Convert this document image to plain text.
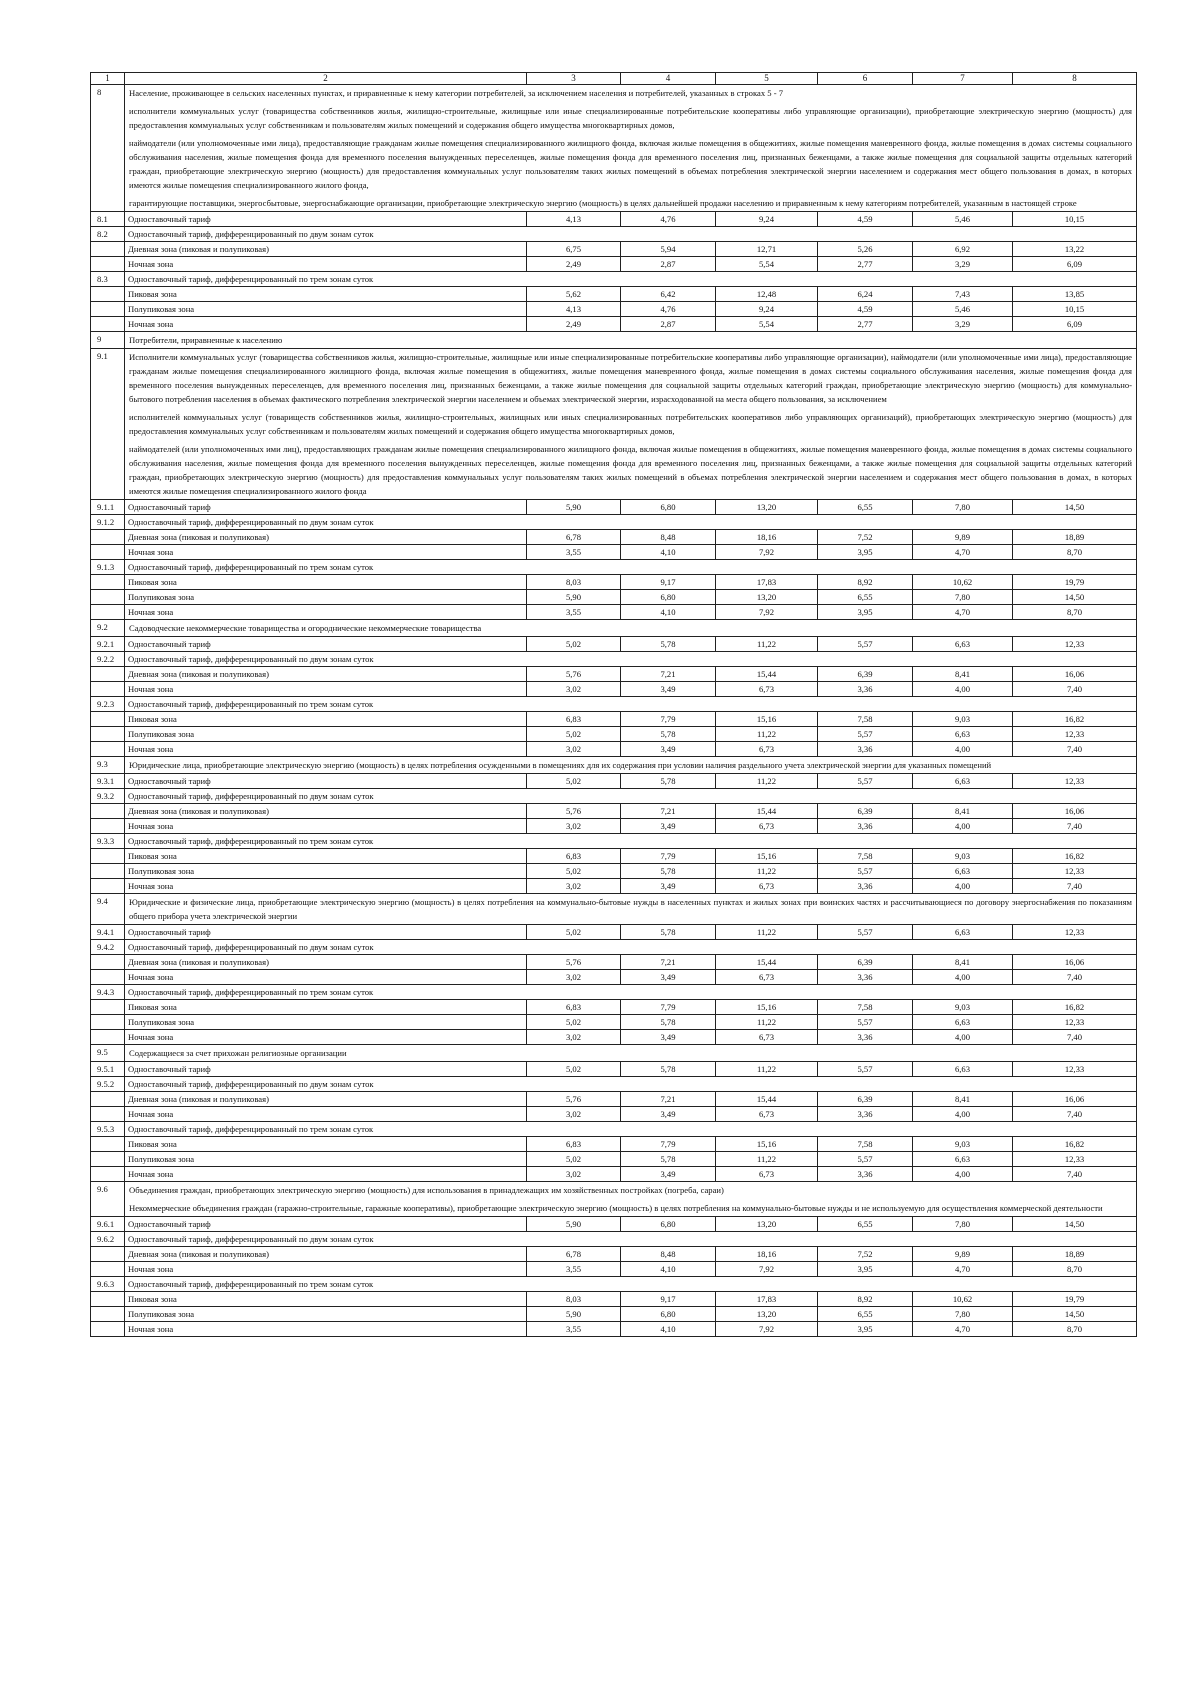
1	2	3	4	5	6	7	8
8	Население, проживающее в сельских населенных пунктах, и приравненные к нему категории потребителей, за исключением населения и потребителей, указанных в строках 5 - 7
исполнители коммунальных услуг (товарищества собственников жилья, жилищно-строительные, жилищные или иные специализированные потребительские кооперативы либо управляющие организации), приобретающие электрическую энергию (мощность) для предоставления коммунальных услуг собственникам и пользователям жилых помещений и содержания общего имущества многоквартирных домов,
наймодатели (или уполномоченные ими лица), предоставляющие гражданам жилые помещения специализированного жилищного фонда, включая жилые помещения в общежитиях, жилые помещения маневренного фонда, жилые помещения в домах системы социального обслуживания населения, жилые помещения фонда для временного поселения вынужденных переселенцев, жилые помещения фонда для временного поселения лиц, признанных беженцами, а также жилые помещения для социальной защиты отдельных категорий граждан, приобретающие электрическую энергию (мощность) для предоставления коммунальных услуг пользователям таких жилых помещений в объемах потребления электрической энергии населением и содержания мест общего пользования в домах, в которых имеются жилые помещения специализированного жилого фонда,
гарантирующие поставщики, энергосбытовые, энергоснабжающие организации, приобретающие электрическую энергию (мощность) в целях дальнейшей продажи населению и приравненным к нему категориям потребителей, указанным в настоящей строке						

8.1	Одноставочный тариф	4,13	4,76	9,24	4,59	5,46	10,15
8.2	Одноставочный тариф, дифференцированный по двум зонам суток						
	Дневная зона (пиковая и полупиковая)	6,75	5,94	12,71	5,26	6,92	13,22
	Ночная зона	2,49	2,87	5,54	2,77	3,29	6,09
8.3	Одноставочный тариф, дифференцированный по трем зонам суток						
	Пиковая зона	5,62	6,42	12,48	6,24	7,43	13,85
	Полупиковая зона	4,13	4,76	9,24	4,59	5,46	10,15
	Ночная зона	2,49	2,87	5,54	2,77	3,29	6,09
9	Потребители, приравненные к населению						

9.1	Исполнители коммунальных услуг (товарищества собственников жилья, жилищно-строительные, жилищные или иные специализированные потребительские кооперативы либо управляющие организации), наймодатели (или уполномоченные ими лица), предоставляющие гражданам жилые помещения специализированного жилищного фонда, включая жилые помещения в общежитиях, жилые помещения маневренного фонда, жилые помещения в домах системы социального обслуживания населения, жилые помещения фонда для временного поселения вынужденных переселенцев, для временного поселения лиц, признанных беженцами, а также жилые помещения для социальной защиты отдельных категорий граждан, приобретающие электрическую энергию (мощность) для коммунально-бытового потребления населения в объемах фактического потребления электрической энергии населением и объемах электрической энергии, израсходованной на места общего пользования, за исключением
исполнителей коммунальных услуг (товариществ собственников жилья, жилищно-строительных, жилищных или иных специализированных потребительских кооперативов либо управляющих организаций), приобретающих электрическую энергию (мощность) для предоставления коммунальных услуг собственникам и пользователям жилых помещений и содержания общего имущества многоквартирных домов,
наймодателей (или уполномоченных ими лиц), предоставляющих гражданам жилые помещения специализированного жилищного фонда, включая жилые помещения в общежитиях, жилые помещения маневренного фонда, жилые помещения в домах системы социального обслуживания населения, жилые помещения фонда для временного поселения вынужденных переселенцев, жилые помещения фонда для временного поселения лиц, признанных беженцами, а также жилые помещения для социальной защиты отдельных категорий граждан, приобретающих электрическую энергию (мощность) для предоставления коммунальных услуг пользователям таких жилых помещений в объемах потребления электрической энергии населением и содержания мест общего пользования в домах, в которых имеются жилые помещения специализированного жилого фонда						

9.1.1	Одноставочный тариф	5,90	6,80	13,20	6,55	7,80	14,50
9.1.2	Одноставочный тариф, дифференцированный по двум зонам суток						
	Дневная зона (пиковая и полупиковая)	6,78	8,48	18,16	7,52	9,89	18,89
	Ночная зона	3,55	4,10	7,92	3,95	4,70	8,70
9.1.3	Одноставочный тариф, дифференцированный по трем зонам суток						
	Пиковая зона	8,03	9,17	17,83	8,92	10,62	19,79
	Полупиковая зона	5,90	6,80	13,20	6,55	7,80	14,50
	Ночная зона	3,55	4,10	7,92	3,95	4,70	8,70
9.2	Садоводческие некоммерческие товарищества и огороднические некоммерческие товарищества						

9.2.1	Одноставочный тариф	5,02	5,78	11,22	5,57	6,63	12,33
9.2.2	Одноставочный тариф, дифференцированный по двум зонам суток						
	Дневная зона (пиковая и полупиковая)	5,76	7,21	15,44	6,39	8,41	16,06
	Ночная зона	3,02	3,49	6,73	3,36	4,00	7,40
9.2.3	Одноставочный тариф, дифференцированный по трем зонам суток						
	Пиковая зона	6,83	7,79	15,16	7,58	9,03	16,82
	Полупиковая зона	5,02	5,78	11,22	5,57	6,63	12,33
	Ночная зона	3,02	3,49	6,73	3,36	4,00	7,40
9.3	Юридические лица, приобретающие электрическую энергию (мощность) в целях потребления осужденными в помещениях для их содержания при условии наличия раздельного учета электрической энергии для указанных помещений						

9.3.1	Одноставочный тариф	5,02	5,78	11,22	5,57	6,63	12,33
9.3.2	Одноставочный тариф, дифференцированный по двум зонам суток						
	Дневная зона (пиковая и полупиковая)	5,76	7,21	15,44	6,39	8,41	16,06
	Ночная зона	3,02	3,49	6,73	3,36	4,00	7,40
9.3.3	Одноставочный тариф, дифференцированный по трем зонам суток						
	Пиковая зона	6,83	7,79	15,16	7,58	9,03	16,82
	Полупиковая зона	5,02	5,78	11,22	5,57	6,63	12,33
	Ночная зона	3,02	3,49	6,73	3,36	4,00	7,40
9.4	Юридические и физические лица, приобретающие электрическую энергию (мощность) в целях потребления на коммунально-бытовые нужды в населенных пунктах и жилых зонах при воинских частях и рассчитывающиеся по договору энергоснабжения по показаниям общего прибора учета электрической энергии						

9.4.1	Одноставочный тариф	5,02	5,78	11,22	5,57	6,63	12,33
9.4.2	Одноставочный тариф, дифференцированный по двум зонам суток						
	Дневная зона (пиковая и полупиковая)	5,76	7,21	15,44	6,39	8,41	16,06
	Ночная зона	3,02	3,49	6,73	3,36	4,00	7,40
9.4.3	Одноставочный тариф, дифференцированный по трем зонам суток						
	Пиковая зона	6,83	7,79	15,16	7,58	9,03	16,82
	Полупиковая зона	5,02	5,78	11,22	5,57	6,63	12,33
	Ночная зона	3,02	3,49	6,73	3,36	4,00	7,40
9.5	Содержащиеся за счет прихожан религиозные организации						

9.5.1	Одноставочный тариф	5,02	5,78	11,22	5,57	6,63	12,33
9.5.2	Одноставочный тариф, дифференцированный по двум зонам суток						
	Дневная зона (пиковая и полупиковая)	5,76	7,21	15,44	6,39	8,41	16,06
	Ночная зона	3,02	3,49	6,73	3,36	4,00	7,40
9.5.3	Одноставочный тариф, дифференцированный по трем зонам суток						
	Пиковая зона	6,83	7,79	15,16	7,58	9,03	16,82
	Полупиковая зона	5,02	5,78	11,22	5,57	6,63	12,33
	Ночная зона	3,02	3,49	6,73	3,36	4,00	7,40
9.6	Объединения граждан, приобретающих электрическую энергию (мощность) для использования в принадлежащих им хозяйственных постройках (погреба, сараи)
Некоммерческие объединения граждан (гаражно-строительные, гаражные кооперативы), приобретающие электрическую энергию (мощность) в целях потребления на коммунально-бытовые нужды и не используемую для осуществления коммерческой деятельности						

9.6.1	Одноставочный тариф	5,90	6,80	13,20	6,55	7,80	14,50
9.6.2	Одноставочный тариф, дифференцированный по двум зонам суток						
	Дневная зона (пиковая и полупиковая)	6,78	8,48	18,16	7,52	9,89	18,89
	Ночная зона	3,55	4,10	7,92	3,95	4,70	8,70
9.6.3	Одноставочный тариф, дифференцированный по трем зонам суток						
	Пиковая зона	8,03	9,17	17,83	8,92	10,62	19,79
	Полупиковая зона	5,90	6,80	13,20	6,55	7,80	14,50
	Ночная зона	3,55	4,10	7,92	3,95	4,70	8,70
